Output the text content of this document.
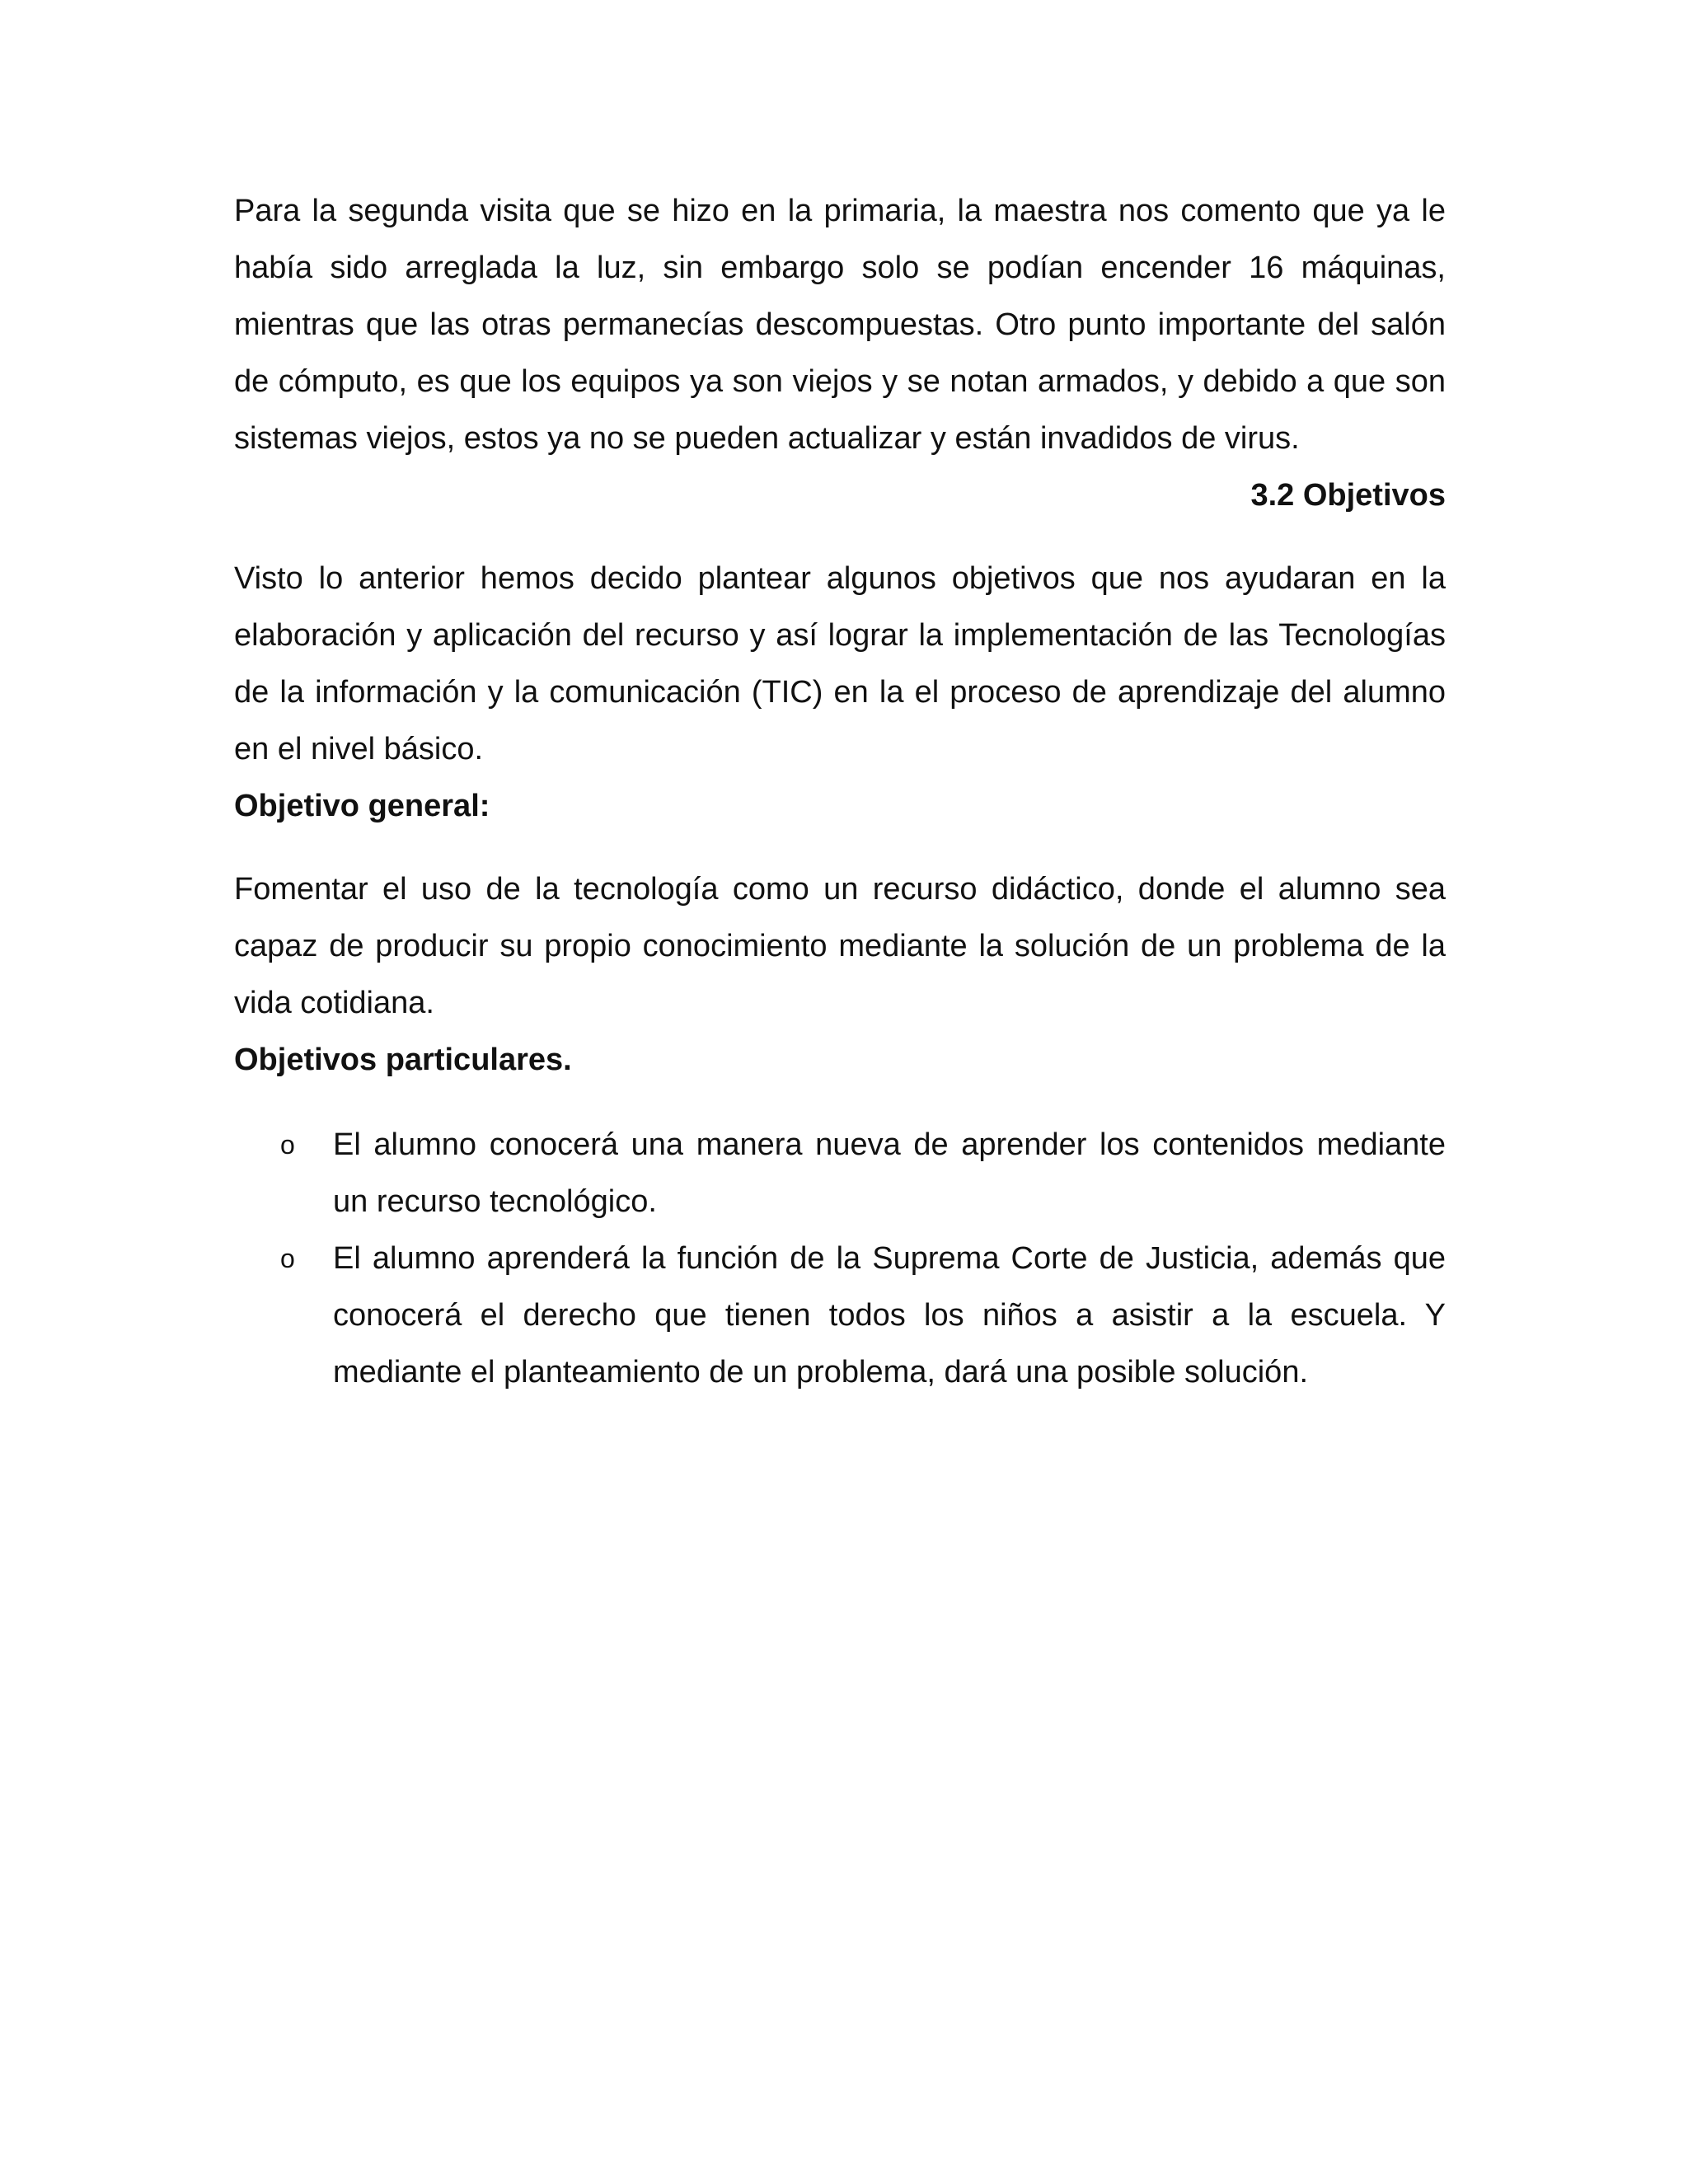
Para la segunda visita que se hizo en la primaria, la maestra nos comento que ya le había sido arreglada la luz, sin embargo solo se podían encender 16 máquinas, mientras que las otras permanecías descompuestas. Otro punto importante del salón de cómputo, es que los equipos ya son viejos y se notan armados, y debido a que son sistemas viejos, estos ya no se pueden actualizar y están invadidos de virus.

3.2 Objetivos

Visto lo anterior hemos decido plantear algunos objetivos que nos ayudaran en la elaboración y aplicación del recurso y así lograr la implementación de las Tecnologías de la información y la comunicación (TIC) en la el proceso de aprendizaje del alumno en el nivel básico.

Objetivo general:

Fomentar el uso de la tecnología como un recurso didáctico, donde el alumno sea capaz de producir su propio conocimiento mediante la solución de un problema de la vida cotidiana.

Objetivos particulares.

o El alumno conocerá una manera nueva de aprender los contenidos mediante un recurso tecnológico.
o El alumno aprenderá la función de la Suprema Corte de Justicia, además que conocerá el derecho que tienen todos los niños a asistir a la escuela. Y mediante el planteamiento de un problema, dará una posible solución.
